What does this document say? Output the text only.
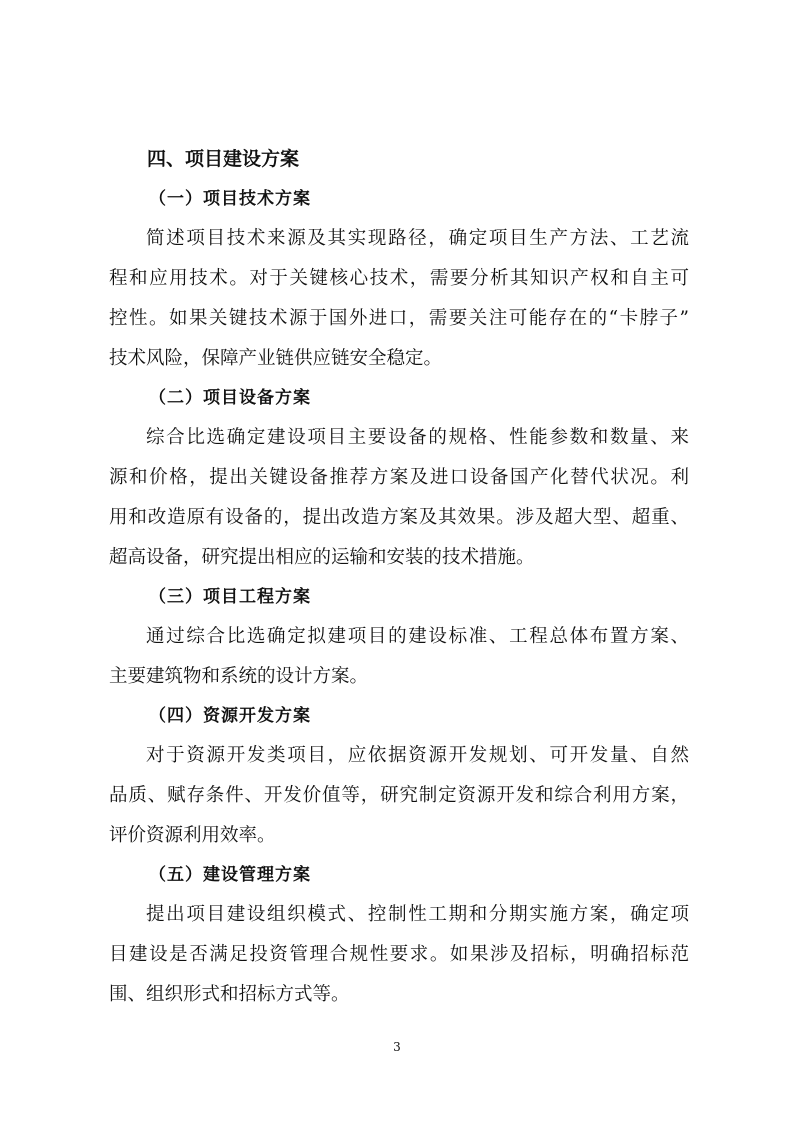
四、项目建设方案
（一）项目技术方案
简述项目技术来源及其实现路径，确定项目生产方法、工艺流
程和应用技术。对于关键核心技术，需要分析其知识产权和自主可
控性。如果关键技术源于国外进口，需要关注可能存在的“卡脖子”
技术风险，保障产业链供应链安全稳定。
（二）项目设备方案
综合比选确定建设项目主要设备的规格、性能参数和数量、来
源和价格，提出关键设备推荐方案及进口设备国产化替代状况。利
用和改造原有设备的，提出改造方案及其效果。涉及超大型、超重、
超高设备，研究提出相应的运输和安装的技术措施。
（三）项目工程方案
通过综合比选确定拟建项目的建设标准、工程总体布置方案、
主要建筑物和系统的设计方案。
（四）资源开发方案
对于资源开发类项目，应依据资源开发规划、可开发量、自然
品质、赋存条件、开发价值等，研究制定资源开发和综合利用方案，
评价资源利用效率。
（五）建设管理方案
提出项目建设组织模式、控制性工期和分期实施方案，确定项
目建设是否满足投资管理合规性要求。如果涉及招标，明确招标范
围、组织形式和招标方式等。
3
